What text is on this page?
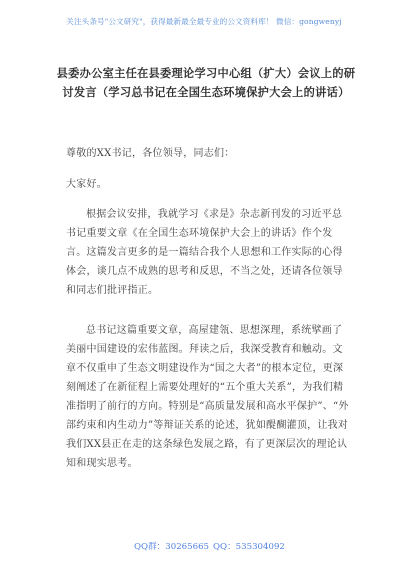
关注头条号"公文研究"，获得最新最全最专业的公文资料库！ 微信：gongwenyj
县委办公室主任在县委理论学习中心组（扩大）会议上的研讨发言（学习总书记在全国生态环境保护大会上的讲话）
尊敬的XX书记，各位领导，同志们：
大家好。
根据会议安排，我就学习《求是》杂志新刊发的习近平总书记重要文章《在全国生态环境保护大会上的讲话》作个发言。这篇发言更多的是一篇结合我个人思想和工作实际的心得体会，谈几点不成熟的思考和反思，不当之处，还请各位领导和同志们批评指正。
总书记这篇重要文章，高屋建瓴、思想深理，系统擘画了美丽中国建设的宏伟蓝图。拜读之后，我深受教育和触动。文章不仅重申了生态文明建设作为“国之大者”的根本定位，更深刻阐述了在新征程上需要处理好的“五个重大关系”，为我们精准指明了前行的方向。特别是“高质量发展和高水平保护”、“外部约束和内生动力”等辩证关系的论述，犹如醍醐灌顶，让我对我们XX县正在走的这条绿色发展之路，有了更深层次的理论认知和现实思考。
QQ群：30265665 QQ：535304092
